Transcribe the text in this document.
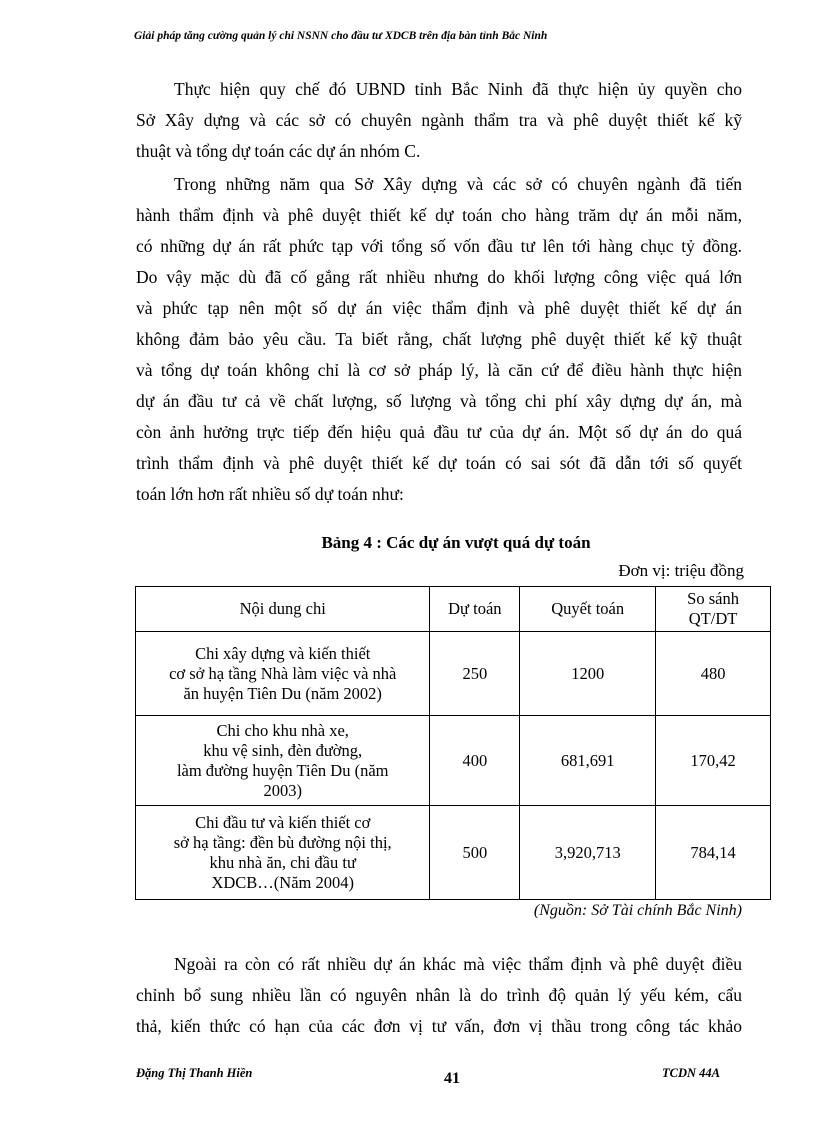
Giải pháp tăng cường quản lý chi NSNN cho đầu tư XDCB trên địa bàn tỉnh Bắc Ninh
Thực hiện quy chế đó UBND tỉnh Bắc Ninh đã thực hiện ủy quyền cho
Sở Xây dựng và các sở có chuyên ngành thẩm tra và phê duyệt thiết kế kỹ
thuật và tổng dự toán các dự án nhóm C.
Trong những năm qua Sở Xây dựng và các sở có chuyên ngành đã tiến
hành thẩm định và phê duyệt thiết kế dự toán cho hàng trăm dự án mỗi năm,
có những dự án rất phức tạp với tổng số vốn đầu tư lên tới hàng chục tỷ đồng.
Do vậy mặc dù đã cố gắng rất nhiều nhưng do khối lượng công việc quá lớn
và phức tạp nên một số dự án việc thẩm định và phê duyệt thiết kế dự án
không đảm bảo yêu cầu. Ta biết rằng, chất lượng phê duyệt thiết kế kỹ thuật
và tổng dự toán không chỉ là cơ sở pháp lý, là căn cứ để điều hành thực hiện
dự án đầu tư cả về chất lượng, số lượng và tổng chi phí xây dựng dự án, mà
còn ảnh hưởng trực tiếp đến hiệu quả đầu tư của dự án. Một số dự án do quá
trình thẩm định và phê duyệt thiết kế dự toán có sai sót đã dẫn tới số quyết
toán lớn hơn rất nhiều số dự toán như:
Bảng 4 : Các dự án vượt quá dự toán
Đơn vị: triệu đồng
Nội dung chi	Dự toán	Quyết toán	So sánh
QT/DT
Chi xây dựng và kiến thiết
cơ sở hạ tầng Nhà làm việc và nhà
ăn huyện Tiên Du (năm 2002)	250	1200	480
Chi cho khu nhà xe,
khu vệ sinh, đèn đường,
làm đường huyện Tiên Du (năm
2003)	400	681,691	170,42
Chi đầu tư và kiến thiết cơ
sở hạ tầng: đền bù đường nội thị,
khu nhà ăn, chi đầu tư
XDCB…(Năm 2004)	500	3,920,713	784,14
(Nguồn: Sở Tài chính Bắc Ninh)
Ngoài ra còn có rất nhiều dự án khác mà việc thẩm định và phê duyệt điều
chỉnh bổ sung nhiều lần có nguyên nhân là do trình độ quản lý yếu kém, cẩu
thả, kiến thức có hạn của các đơn vị tư vấn, đơn vị thầu trong công tác khảo
Đặng Thị Thanh Hiền	41	TCDN 44A
